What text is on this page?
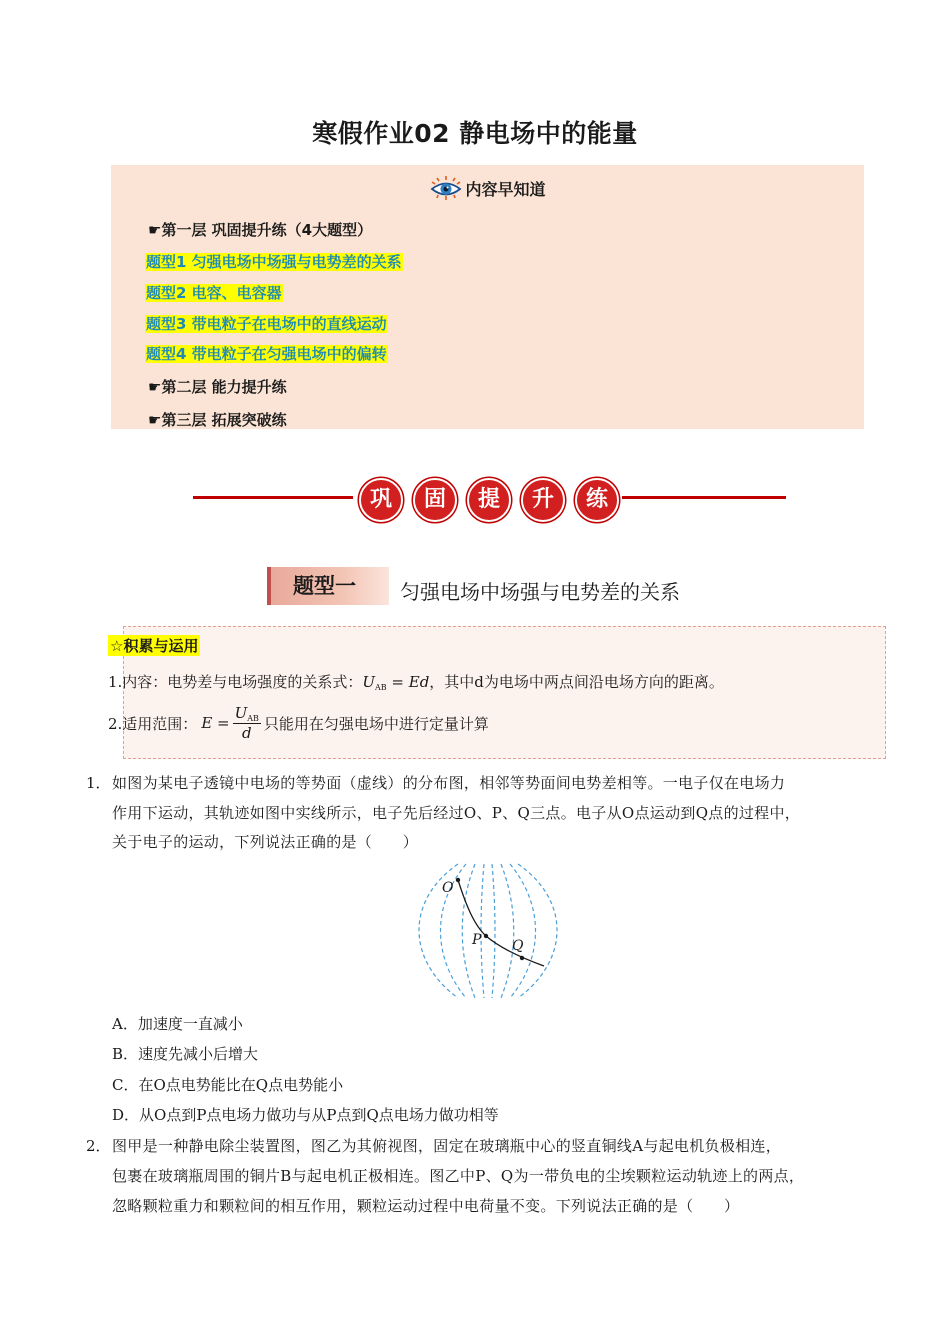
寒假作业02 静电场中的能量
内容早知道
☛第一层 巩固提升练（4大题型）
题型1 匀强电场中场强与电势差的关系
题型2 电容、电容器
题型3 带电粒子在电场中的直线运动
题型4 带电粒子在匀强电场中的偏转
☛第二层 能力提升练
☛第三层 拓展突破练
巩	固	提	升	练
题型一	匀强电场中场强与电势差的关系
☆积累与运用
1.内容：电势差与电场强度的关系式：$U_{AB} = Ed$，其中d为电场中两点间沿电场方向的距离。
2.适用范围： $E = \frac{U_{AB}}{d}$ 只能用在匀强电场中进行定量计算
1． 如图为某电子透镜中电场的等势面（虚线）的分布图，相邻等势面间电势差相等。一电子仅在电场力
作用下运动，其轨迹如图中实线所示，电子先后经过O、P、Q三点。电子从O点运动到Q点的过程中，
关于电子的运动，下列说法正确的是（　　）
O
P Q
A．加速度一直减小
B．速度先减小后增大
C．在O点电势能比在Q点电势能小
D．从O点到P点电场力做功与从P点到Q点电场力做功相等
2． 图甲是一种静电除尘装置图，图乙为其俯视图，固定在玻璃瓶中心的竖直铜线A与起电机负极相连，
包裹在玻璃瓶周围的铜片B与起电机正极相连。图乙中P、Q为一带负电的尘埃颗粒运动轨迹上的两点，
忽略颗粒重力和颗粒间的相互作用，颗粒运动过程中电荷量不变。下列说法正确的是（　　）
